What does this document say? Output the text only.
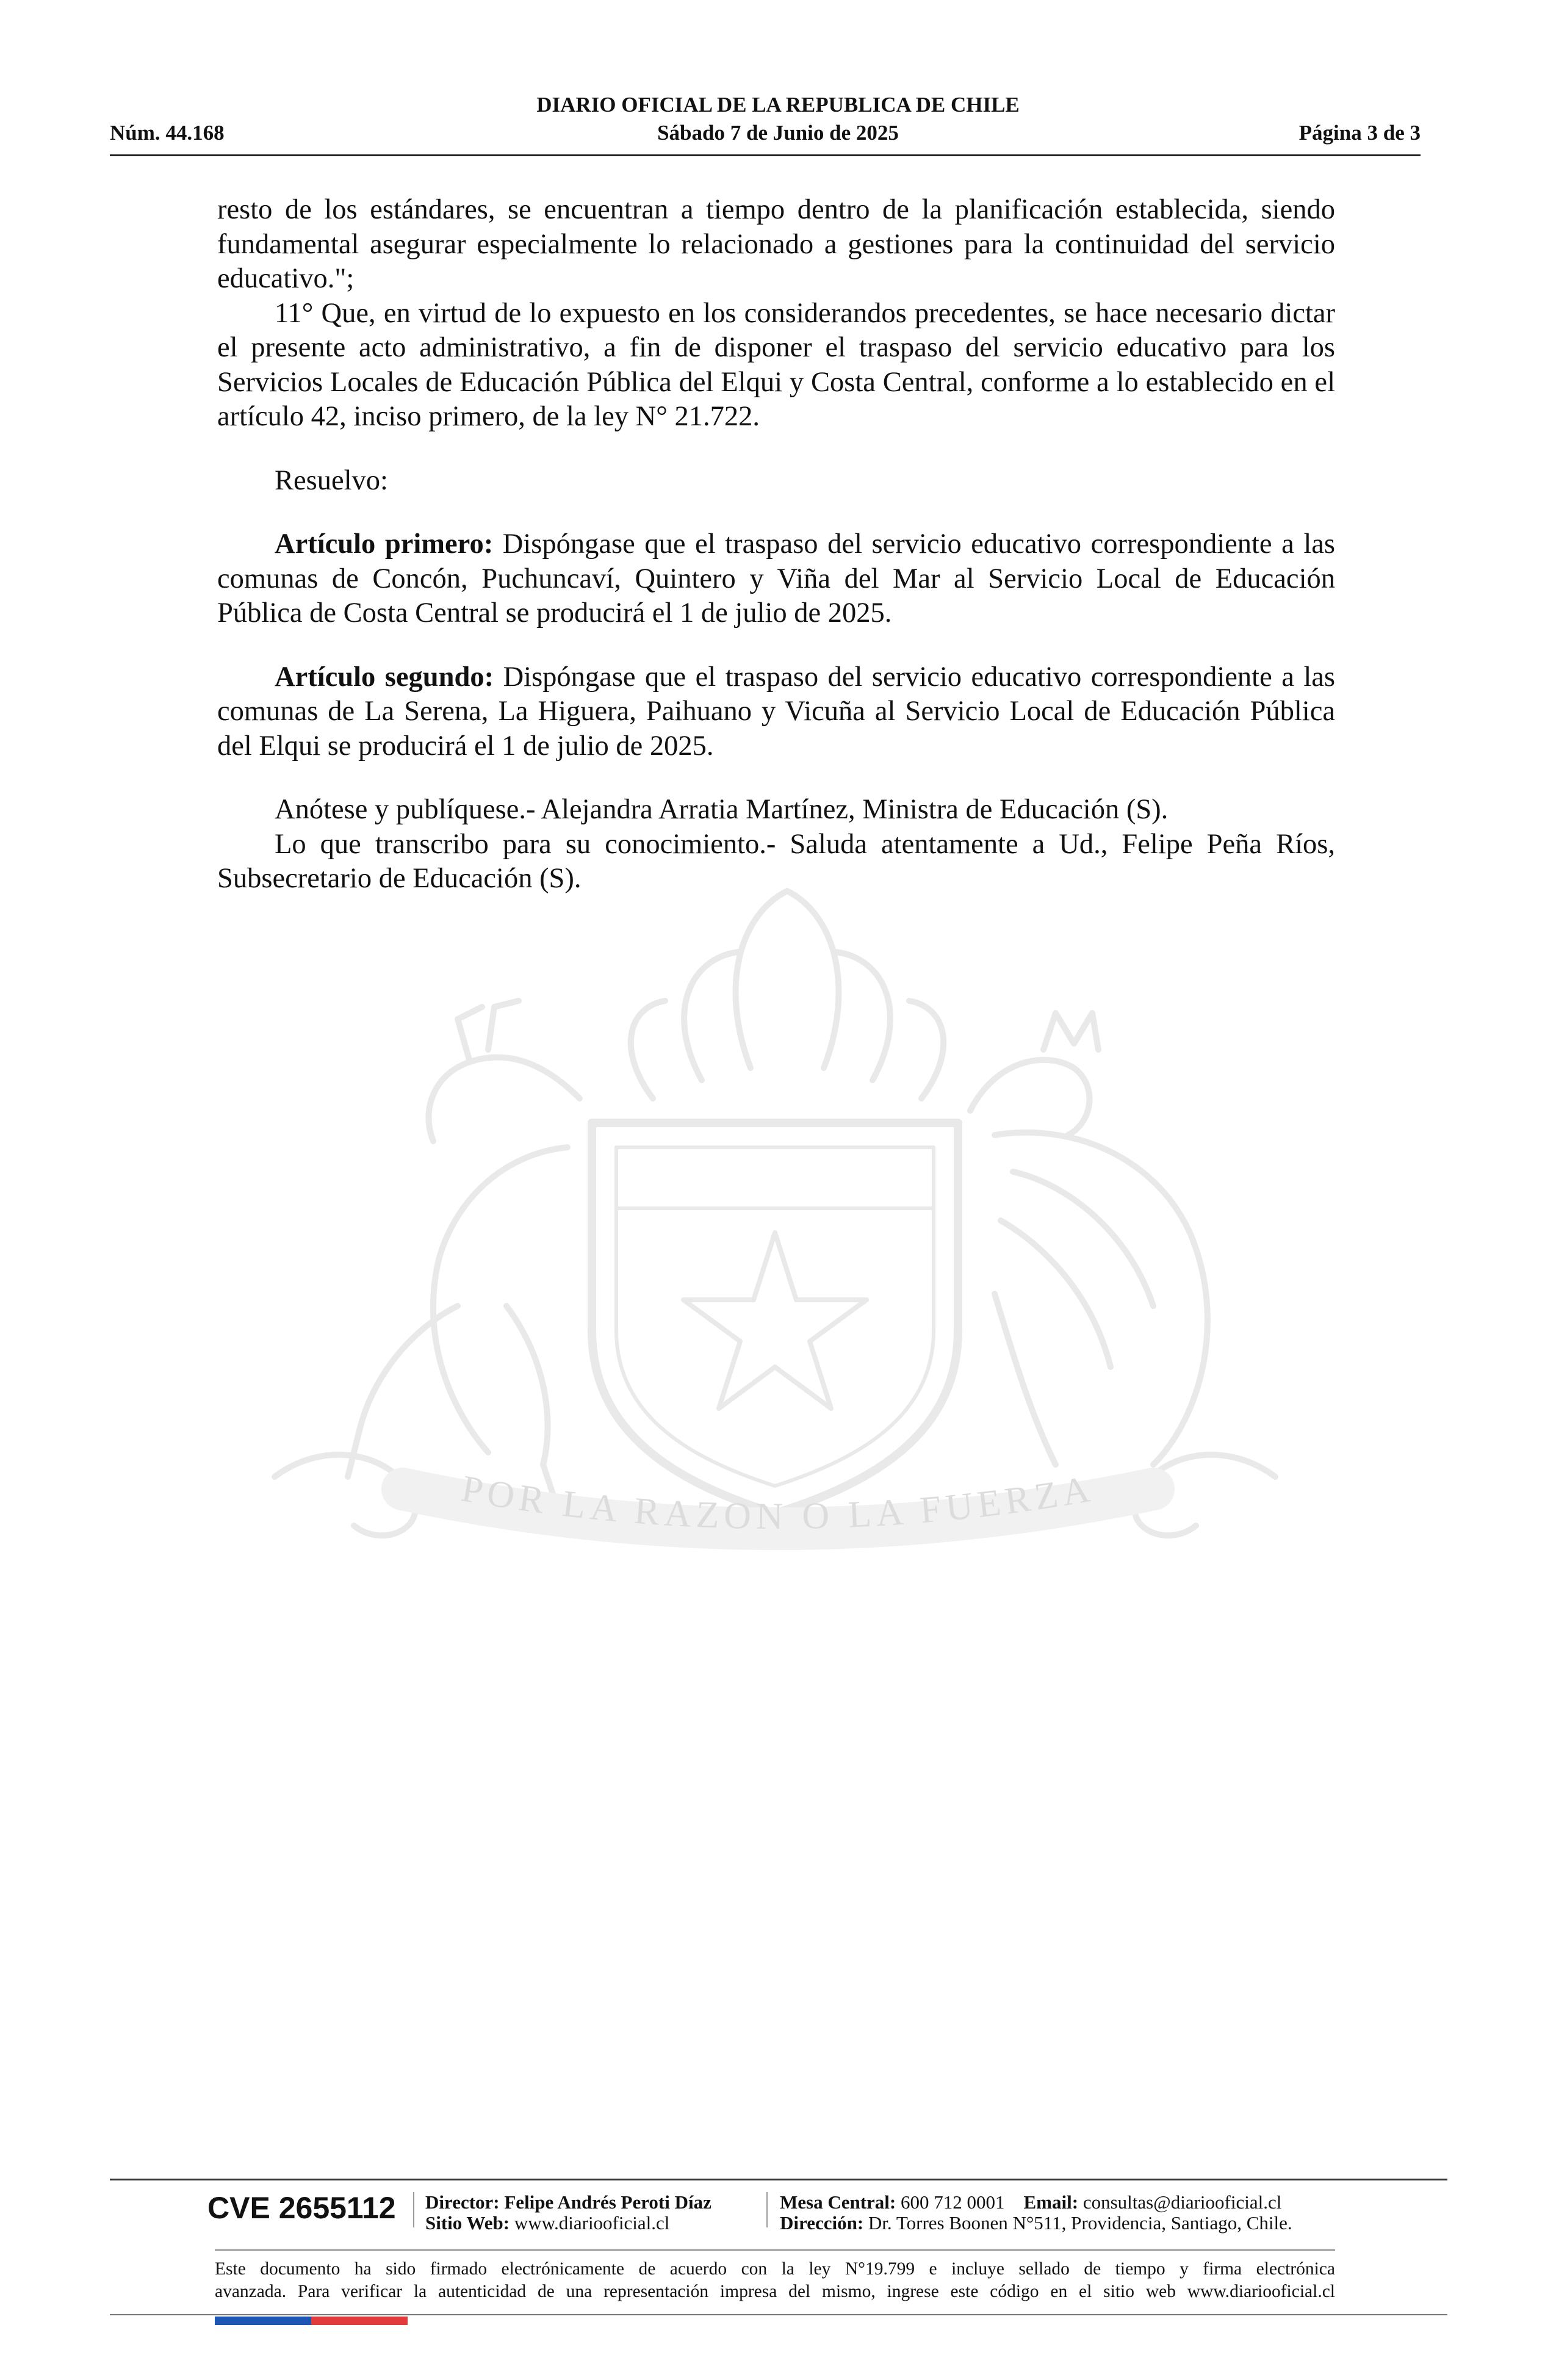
DIARIO OFICIAL DE LA REPUBLICA DE CHILE
Núm. 44.168	Sábado 7 de Junio de 2025	Página 3 de 3
POR LA RAZON O LA FUERZA

resto de los estándares, se encuentran a tiempo dentro de la planificación establecida, siendo fundamental asegurar especialmente lo relacionado a gestiones para la continuidad del servicio educativo.";

11° Que, en virtud de lo expuesto en los considerandos precedentes, se hace necesario dictar el presente acto administrativo, a fin de disponer el traspaso del servicio educativo para los Servicios Locales de Educación Pública del Elqui y Costa Central, conforme a lo establecido en el artículo 42, inciso primero, de la ley N° 21.722.

Resuelvo:

Artículo primero: Dispóngase que el traspaso del servicio educativo correspondiente a las comunas de Concón, Puchuncaví, Quintero y Viña del Mar al Servicio Local de Educación Pública de Costa Central se producirá el 1 de julio de 2025.

Artículo segundo: Dispóngase que el traspaso del servicio educativo correspondiente a las comunas de La Serena, La Higuera, Paihuano y Vicuña al Servicio Local de Educación Pública del Elqui se producirá el 1 de julio de 2025.

Anótese y publíquese.- Alejandra Arratia Martínez, Ministra de Educación (S).

Lo que transcribo para su conocimiento.- Saluda atentamente a Ud., Felipe Peña Ríos, Subsecretario de Educación (S).

CVE 2655112 Director: Felipe Andrés Peroti Díaz
Sitio Web: www.diariooficial.cl
Mesa Central: 600 712 0001 Email: consultas@diariooficial.cl
Dirección: Dr. Torres Boonen N°511, Providencia, Santiago, Chile.
Este documento ha sido firmado electrónicamente de acuerdo con la ley N°19.799 e incluye sellado de tiempo y firma electrónica
avanzada. Para verificar la autenticidad de una representación impresa del mismo, ingrese este código en el sitio web www.diariooficial.cl
